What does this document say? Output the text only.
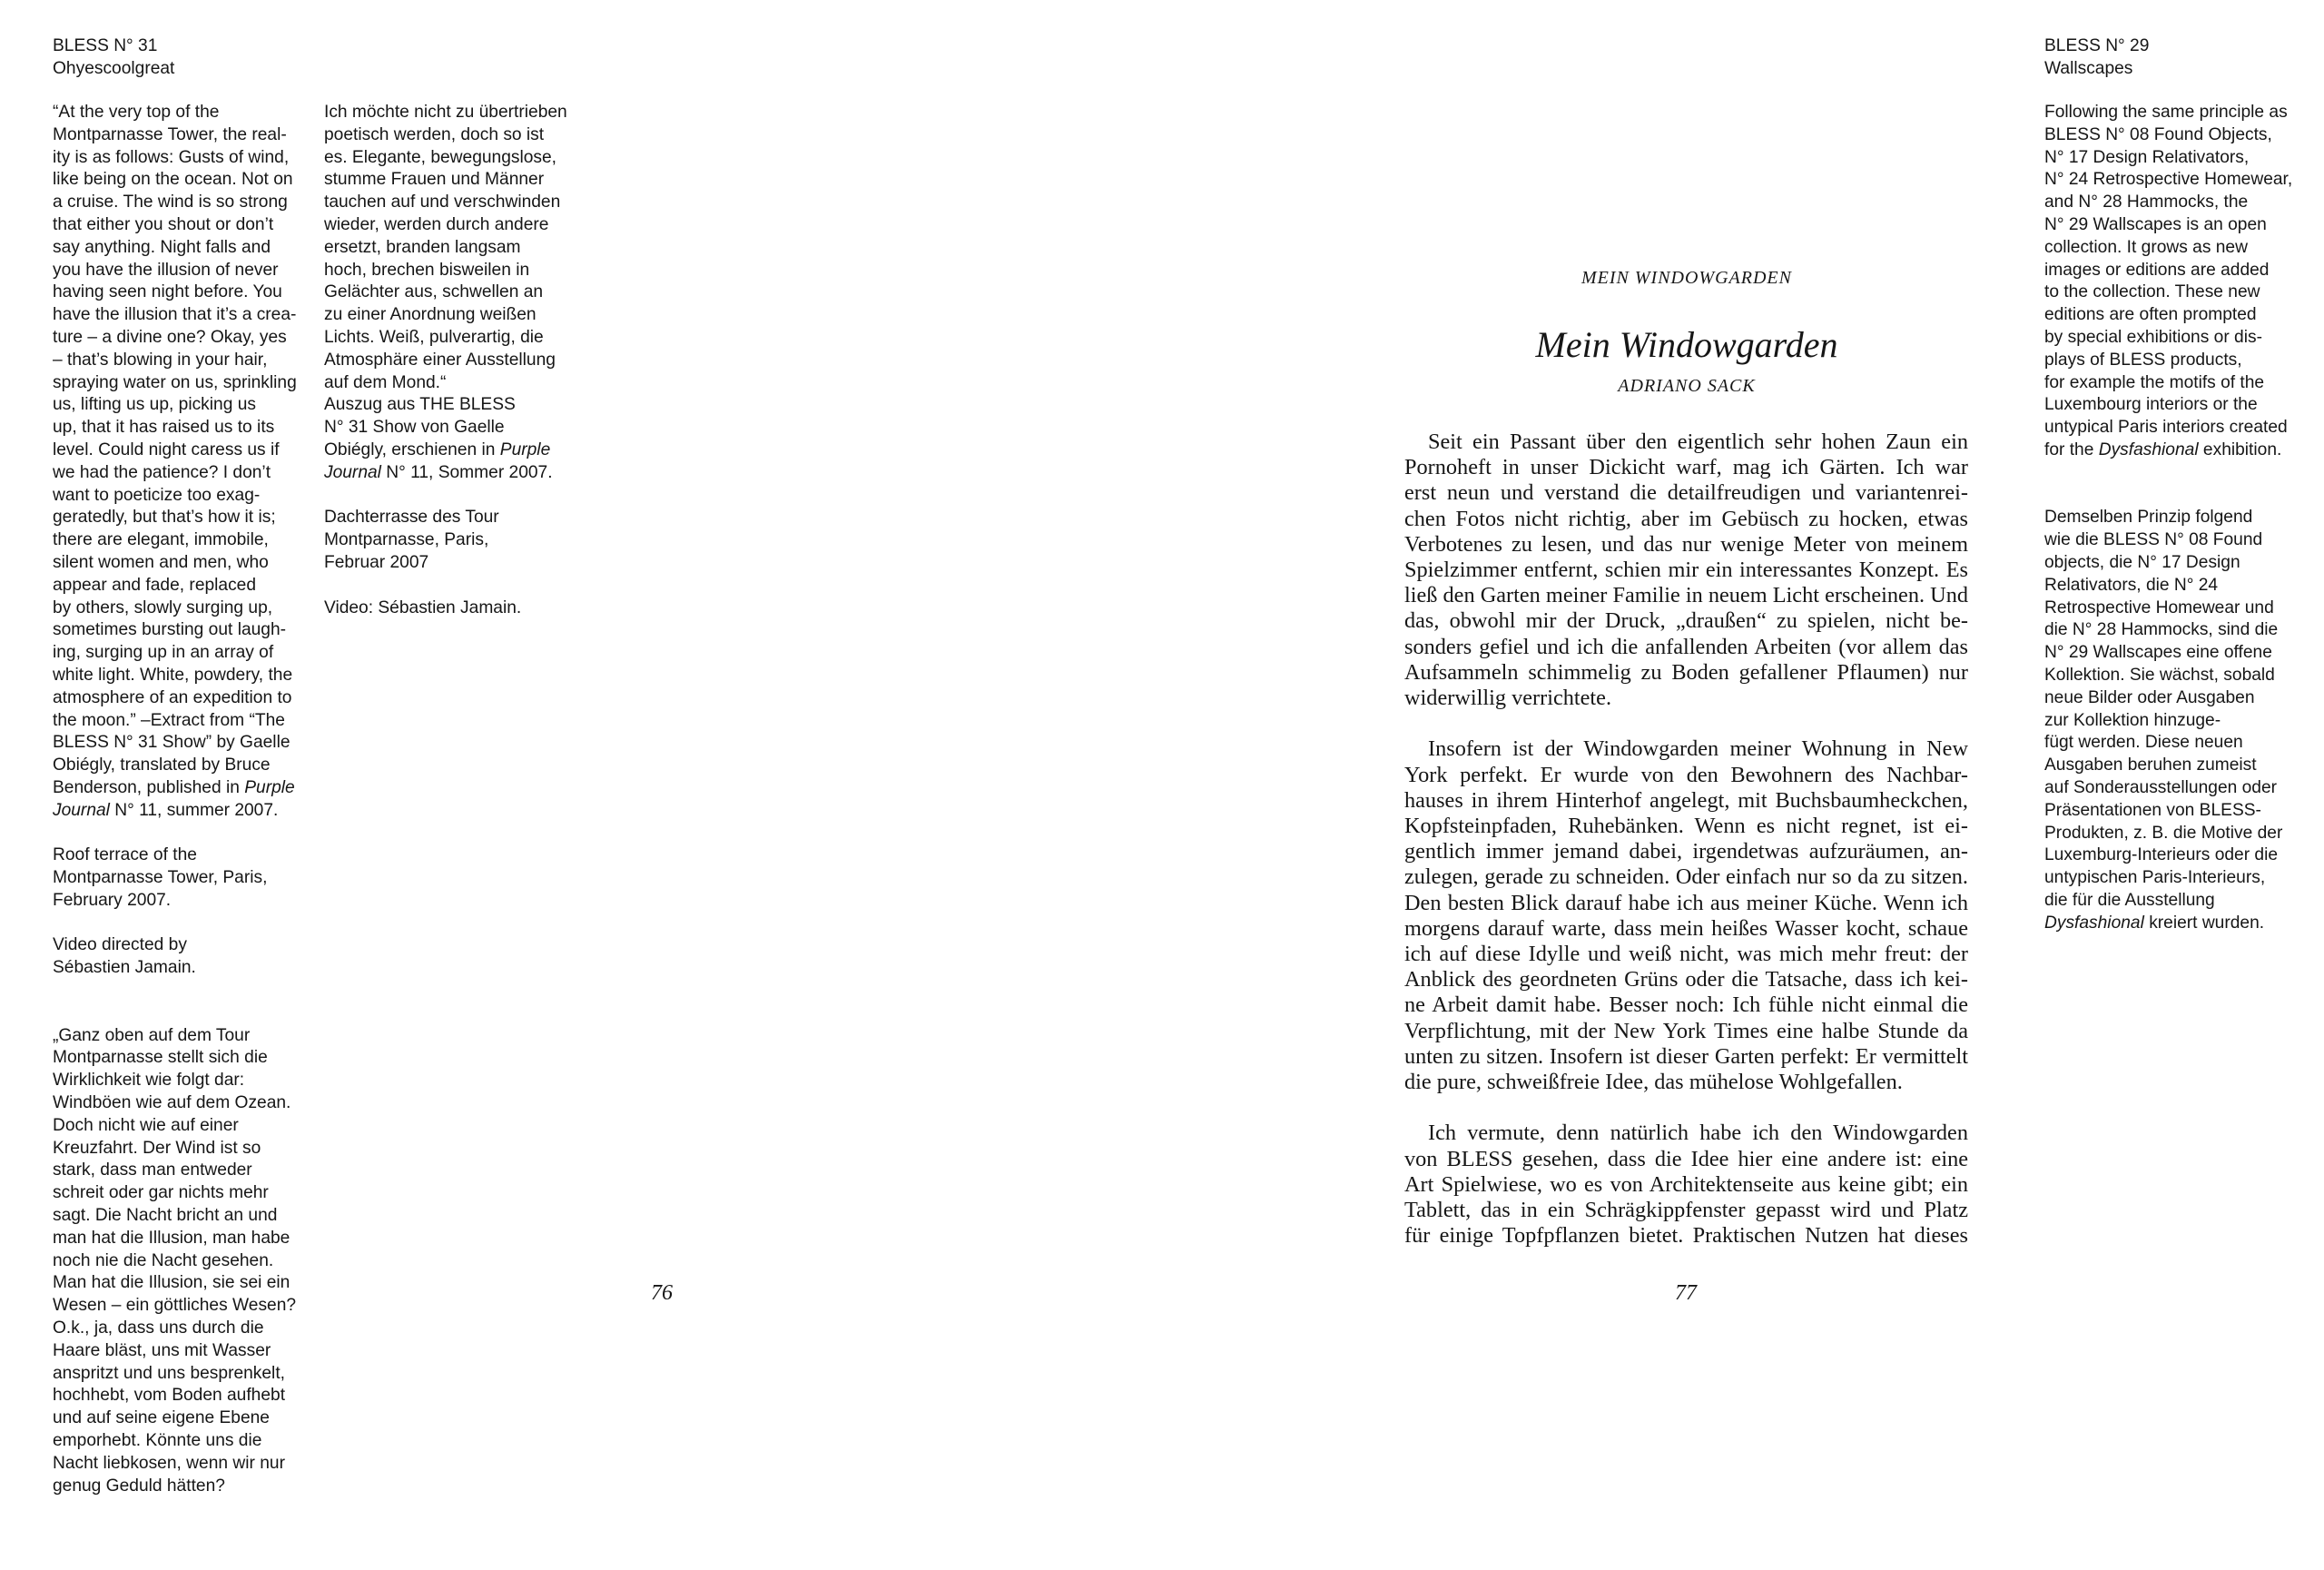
BLESS N° 31
Ohyescoolgreat
“At the very top of the
Montparnasse Tower, the real-
ity is as follows: Gusts of wind,
like being on the ocean. Not on
a cruise. The wind is so strong
that either you shout or don’t
say anything. Night falls and
you have the illusion of never
having seen night before. You
have the illusion that it’s a crea-
ture – a divine one? Okay, yes
– that’s blowing in your hair,
spraying water on us, sprinkling
us, lifting us up, picking us
up, that it has raised us to its
level. Could night caress us if
we had the patience? I don’t
want to poeticize too exag-
geratedly, but that’s how it is;
there are elegant, immobile,
silent women and men, who
appear and fade, replaced
by others, slowly surging up,
sometimes bursting out laugh-
ing, surging up in an array of
white light. White, powdery, the
atmosphere of an expedition to
the moon.” –Extract from “The
BLESS N° 31 Show” by Gaelle
Obiégly, translated by Bruce
Benderson, published in Purple
Journal N° 11, summer 2007.
Roof terrace of the
Montparnasse Tower, Paris,
February 2007.
Video directed by
Sébastien Jamain.
„Ganz oben auf dem Tour
Montparnasse stellt sich die
Wirklichkeit wie folgt dar:
Windböen wie auf dem Ozean.
Doch nicht wie auf einer
Kreuzfahrt. Der Wind ist so
stark, dass man entweder
schreit oder gar nichts mehr
sagt. Die Nacht bricht an und
man hat die Illusion, man habe
noch nie die Nacht gesehen.
Man hat die Illusion, sie sei ein
Wesen – ein göttliches Wesen?
O.k., ja, dass uns durch die
Haare bläst, uns mit Wasser
anspritzt und uns besprenkelt,
hochhebt, vom Boden aufhebt
und auf seine eigene Ebene
emporhebt. Könnte uns die
Nacht liebkosen, wenn wir nur
genug Geduld hätten?
Ich möchte nicht zu übertrieben
poetisch werden, doch so ist
es. Elegante, bewegungslose,
stumme Frauen und Männer
tauchen auf und verschwinden
wieder, werden durch andere
ersetzt, branden langsam
hoch, brechen bisweilen in
Gelächter aus, schwellen an
zu einer Anordnung weißen
Lichts. Weiß, pulverartig, die
Atmosphäre einer Ausstellung
auf dem Mond.“
Auszug aus THE BLESS
N° 31 Show von Gaelle
Obiégly, erschienen in Purple
Journal N° 11, Sommer 2007.
Dachterrasse des Tour
Montparnasse, Paris,
Februar 2007
Video: Sébastien Jamain.
76
MEIN WINDOWGARDEN
Mein Windowgarden
ADRIANO SACK
Seit ein Passant über den eigentlich sehr hohen Zaun ein
Pornoheft in unser Dickicht warf, mag ich Gärten. Ich war
erst neun und verstand die detailfreudigen und variantenrei-
chen Fotos nicht richtig, aber im Gebüsch zu hocken, etwas
Verbotenes zu lesen, und das nur wenige Meter von meinem
Spielzimmer entfernt, schien mir ein interessantes Konzept. Es
ließ den Garten meiner Familie in neuem Licht erscheinen. Und
das, obwohl mir der Druck, „draußen“ zu spielen, nicht be-
sonders gefiel und ich die anfallenden Arbeiten (vor allem das
Aufsammeln schimmelig zu Boden gefallener Pflaumen) nur
widerwillig verrichtete.
Insofern ist der Windowgarden meiner Wohnung in New
York perfekt. Er wurde von den Bewohnern des Nachbar-
hauses in ihrem Hinterhof angelegt, mit Buchsbaumheckchen,
Kopfsteinpfaden, Ruhebänken. Wenn es nicht regnet, ist ei-
gentlich immer jemand dabei, irgendetwas aufzuräumen, an-
zulegen, gerade zu schneiden. Oder einfach nur so da zu sitzen.
Den besten Blick darauf habe ich aus meiner Küche. Wenn ich
morgens darauf warte, dass mein heißes Wasser kocht, schaue
ich auf diese Idylle und weiß nicht, was mich mehr freut: der
Anblick des geordneten Grüns oder die Tatsache, dass ich kei-
ne Arbeit damit habe. Besser noch: Ich fühle nicht einmal die
Verpflichtung, mit der New York Times eine halbe Stunde da
unten zu sitzen. Insofern ist dieser Garten perfekt: Er vermittelt
die pure, schweißfreie Idee, das mühelose Wohlgefallen.
Ich vermute, denn natürlich habe ich den Windowgarden
von BLESS gesehen, dass die Idee hier eine andere ist: eine
Art Spielwiese, wo es von Architektenseite aus keine gibt; ein
Tablett, das in ein Schrägkippfenster gepasst wird und Platz
für einige Topfpflanzen bietet. Praktischen Nutzen hat dieses
77
BLESS N° 29
Wallscapes
Following the same principle as
BLESS N° 08 Found Objects,
N° 17 Design Relativators,
N° 24 Retrospective Homewear,
and N° 28 Hammocks, the
N° 29 Wallscapes is an open
collection. It grows as new
images or editions are added
to the collection. These new
editions are often prompted
by special exhibitions or dis-
plays of BLESS products,
for example the motifs of the
Luxembourg interiors or the
untypical Paris interiors created
for the Dysfashional exhibition.
Demselben Prinzip folgend
wie die BLESS N° 08 Found
objects, die N° 17 Design
Relativators, die N° 24
Retrospective Homewear und
die N° 28 Hammocks, sind die
N° 29 Wallscapes eine offene
Kollektion. Sie wächst, sobald
neue Bilder oder Ausgaben
zur Kollektion hinzuge-
fügt werden. Diese neuen
Ausgaben beruhen zumeist
auf Sonderausstellungen oder
Präsentationen von BLESS-
Produkten, z. B. die Motive der
Luxemburg-Interieurs oder die
untypischen Paris-Interieurs,
die für die Ausstellung
Dysfashional kreiert wurden.
